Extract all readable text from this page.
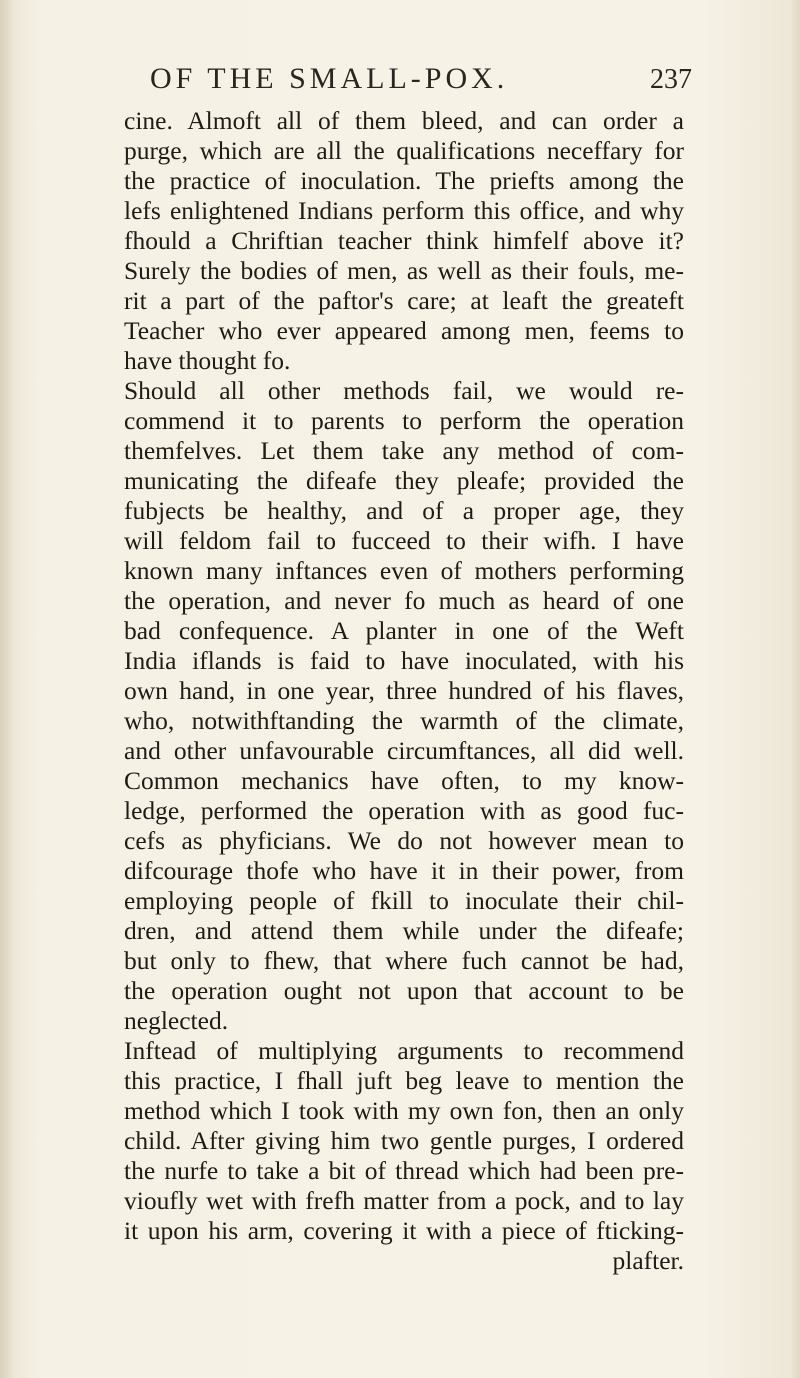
OF THE SMALL-POX.	237
cine. Almoft all of them bleed, and can order a
purge, which are all the qualifications neceffary for
the practice of inoculation. The priefts among the
lefs enlightened Indians perform this office, and why
fhould a Chriftian teacher think himfelf above it?
Surely the bodies of men, as well as their fouls, me-
rit a part of the paftor's care; at leaft the greateft
Teacher who ever appeared among men, feems to
have thought fo.
Should all other methods fail, we would re-
commend it to parents to perform the operation
themfelves. Let them take any method of com-
municating the difeafe they pleafe; provided the
fubjects be healthy, and of a proper age, they
will feldom fail to fucceed to their wifh. I have
known many inftances even of mothers performing
the operation, and never fo much as heard of one
bad confequence. A planter in one of the Weft
India iflands is faid to have inoculated, with his
own hand, in one year, three hundred of his flaves,
who, notwithftanding the warmth of the climate,
and other unfavourable circumftances, all did well.
Common mechanics have often, to my know-
ledge, performed the operation with as good fuc-
cefs as phyficians. We do not however mean to
difcourage thofe who have it in their power, from
employing people of fkill to inoculate their chil-
dren, and attend them while under the difeafe;
but only to fhew, that where fuch cannot be had,
the operation ought not upon that account to be
neglected.
Inftead of multiplying arguments to recommend
this practice, I fhall juft beg leave to mention the
method which I took with my own fon, then an only
child. After giving him two gentle purges, I ordered
the nurfe to take a bit of thread which had been pre-
vioufly wet with frefh matter from a pock, and to lay
it upon his arm, covering it with a piece of fticking-
plafter.
